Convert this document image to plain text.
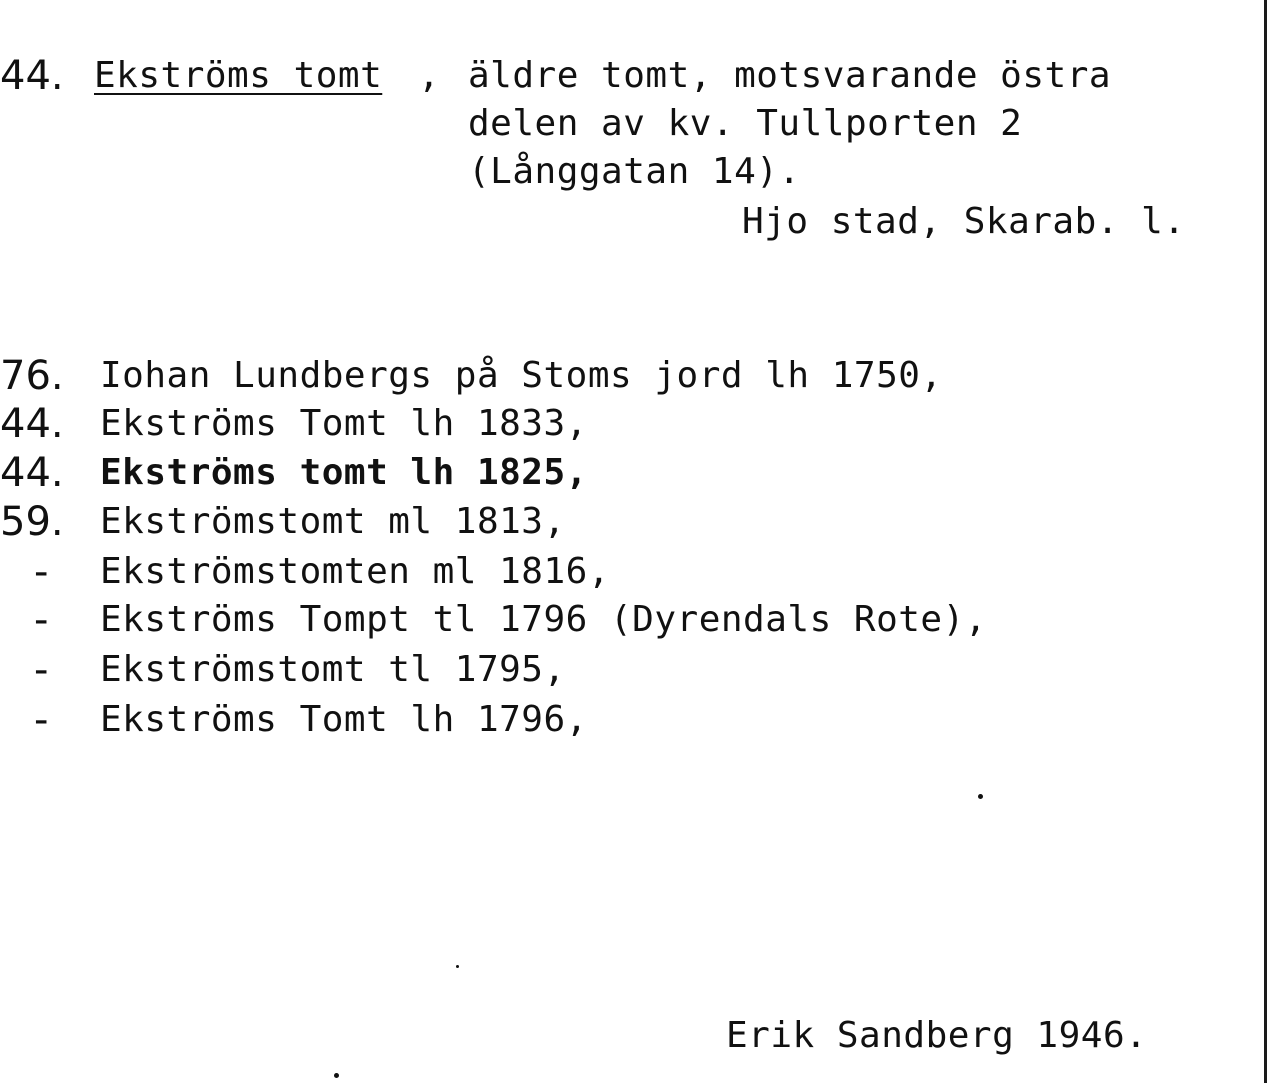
44. Ekströms tomt , äldre tomt, motsvarande östra
delen av kv. Tullporten 2
(Långgatan 14).
Hjo stad, Skarab. l.
76. Iohan Lundbergs på Stoms jord lh 1750,
44. Ekströms Tomt lh 1833,
44. Ekströms tomt lh 1825,
59. Ekströmstomt ml 1813,
- Ekströmstomten ml 1816,
- Ekströms Tompt tl 1796 (Dyrendals Rote),
- Ekströmstomt tl 1795,
- Ekströms Tomt lh 1796,
Erik Sandberg 1946.
